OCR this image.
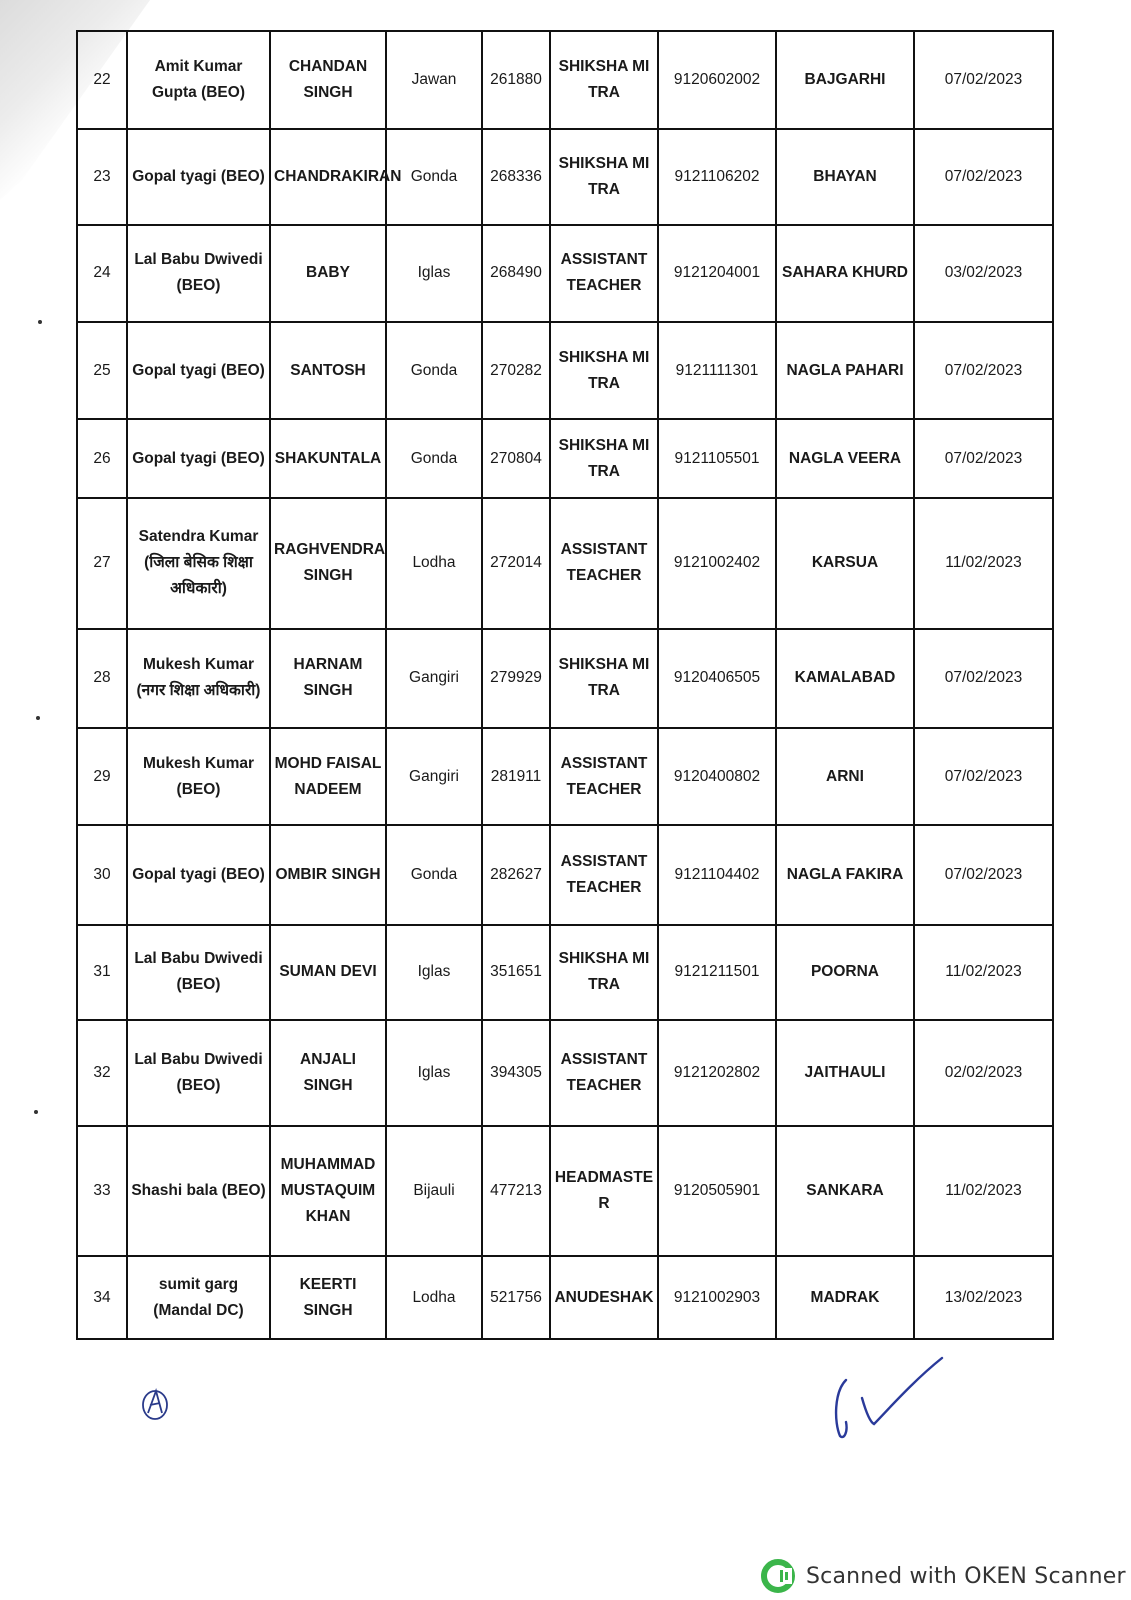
22	Amit Kumar Gupta (BEO)	CHANDAN SINGH	Jawan	261880	SHIKSHA MITRA	9120602002	BAJGARHI	07/02/2023
23	Gopal tyagi (BEO)	CHANDRAKIRAN	Gonda	268336	SHIKSHA MITRA	9121106202	BHAYAN	07/02/2023
24	Lal Babu Dwivedi (BEO)	BABY	Iglas	268490	ASSISTANT TEACHER	9121204001	SAHARA KHURD	03/02/2023
25	Gopal tyagi (BEO)	SANTOSH	Gonda	270282	SHIKSHA MITRA	9121111301	NAGLA PAHARI	07/02/2023
26	Gopal tyagi (BEO)	SHAKUNTALA	Gonda	270804	SHIKSHA MITRA	9121105501	NAGLA VEERA	07/02/2023
27	Satendra Kumar (जिला बेसिक शिक्षा अधिकारी)	RAGHVENDRA SINGH	Lodha	272014	ASSISTANT TEACHER	9121002402	KARSUA	11/02/2023
28	Mukesh Kumar (नगर शिक्षा अधिकारी)	HARNAM SINGH	Gangiri	279929	SHIKSHA MITRA	9120406505	KAMALABAD	07/02/2023
29	Mukesh Kumar (BEO)	MOHD FAISAL NADEEM	Gangiri	281911	ASSISTANT TEACHER	9120400802	ARNI	07/02/2023
30	Gopal tyagi (BEO)	OMBIR SINGH	Gonda	282627	ASSISTANT TEACHER	9121104402	NAGLA FAKIRA	07/02/2023
31	Lal Babu Dwivedi (BEO)	SUMAN DEVI	Iglas	351651	SHIKSHA MITRA	9121211501	POORNA	11/02/2023
32	Lal Babu Dwivedi (BEO)	ANJALI SINGH	Iglas	394305	ASSISTANT TEACHER	9121202802	JAITHAULI	02/02/2023
33	Shashi bala (BEO)	MUHAMMAD MUSTAQUIM KHAN	Bijauli	477213	HEADMASTER	9120505901	SANKARA	11/02/2023
34	sumit garg (Mandal DC)	KEERTI SINGH	Lodha	521756	ANUDESHAK	9121002903	MADRAK	13/02/2023
Scanned with OKEN Scanner
